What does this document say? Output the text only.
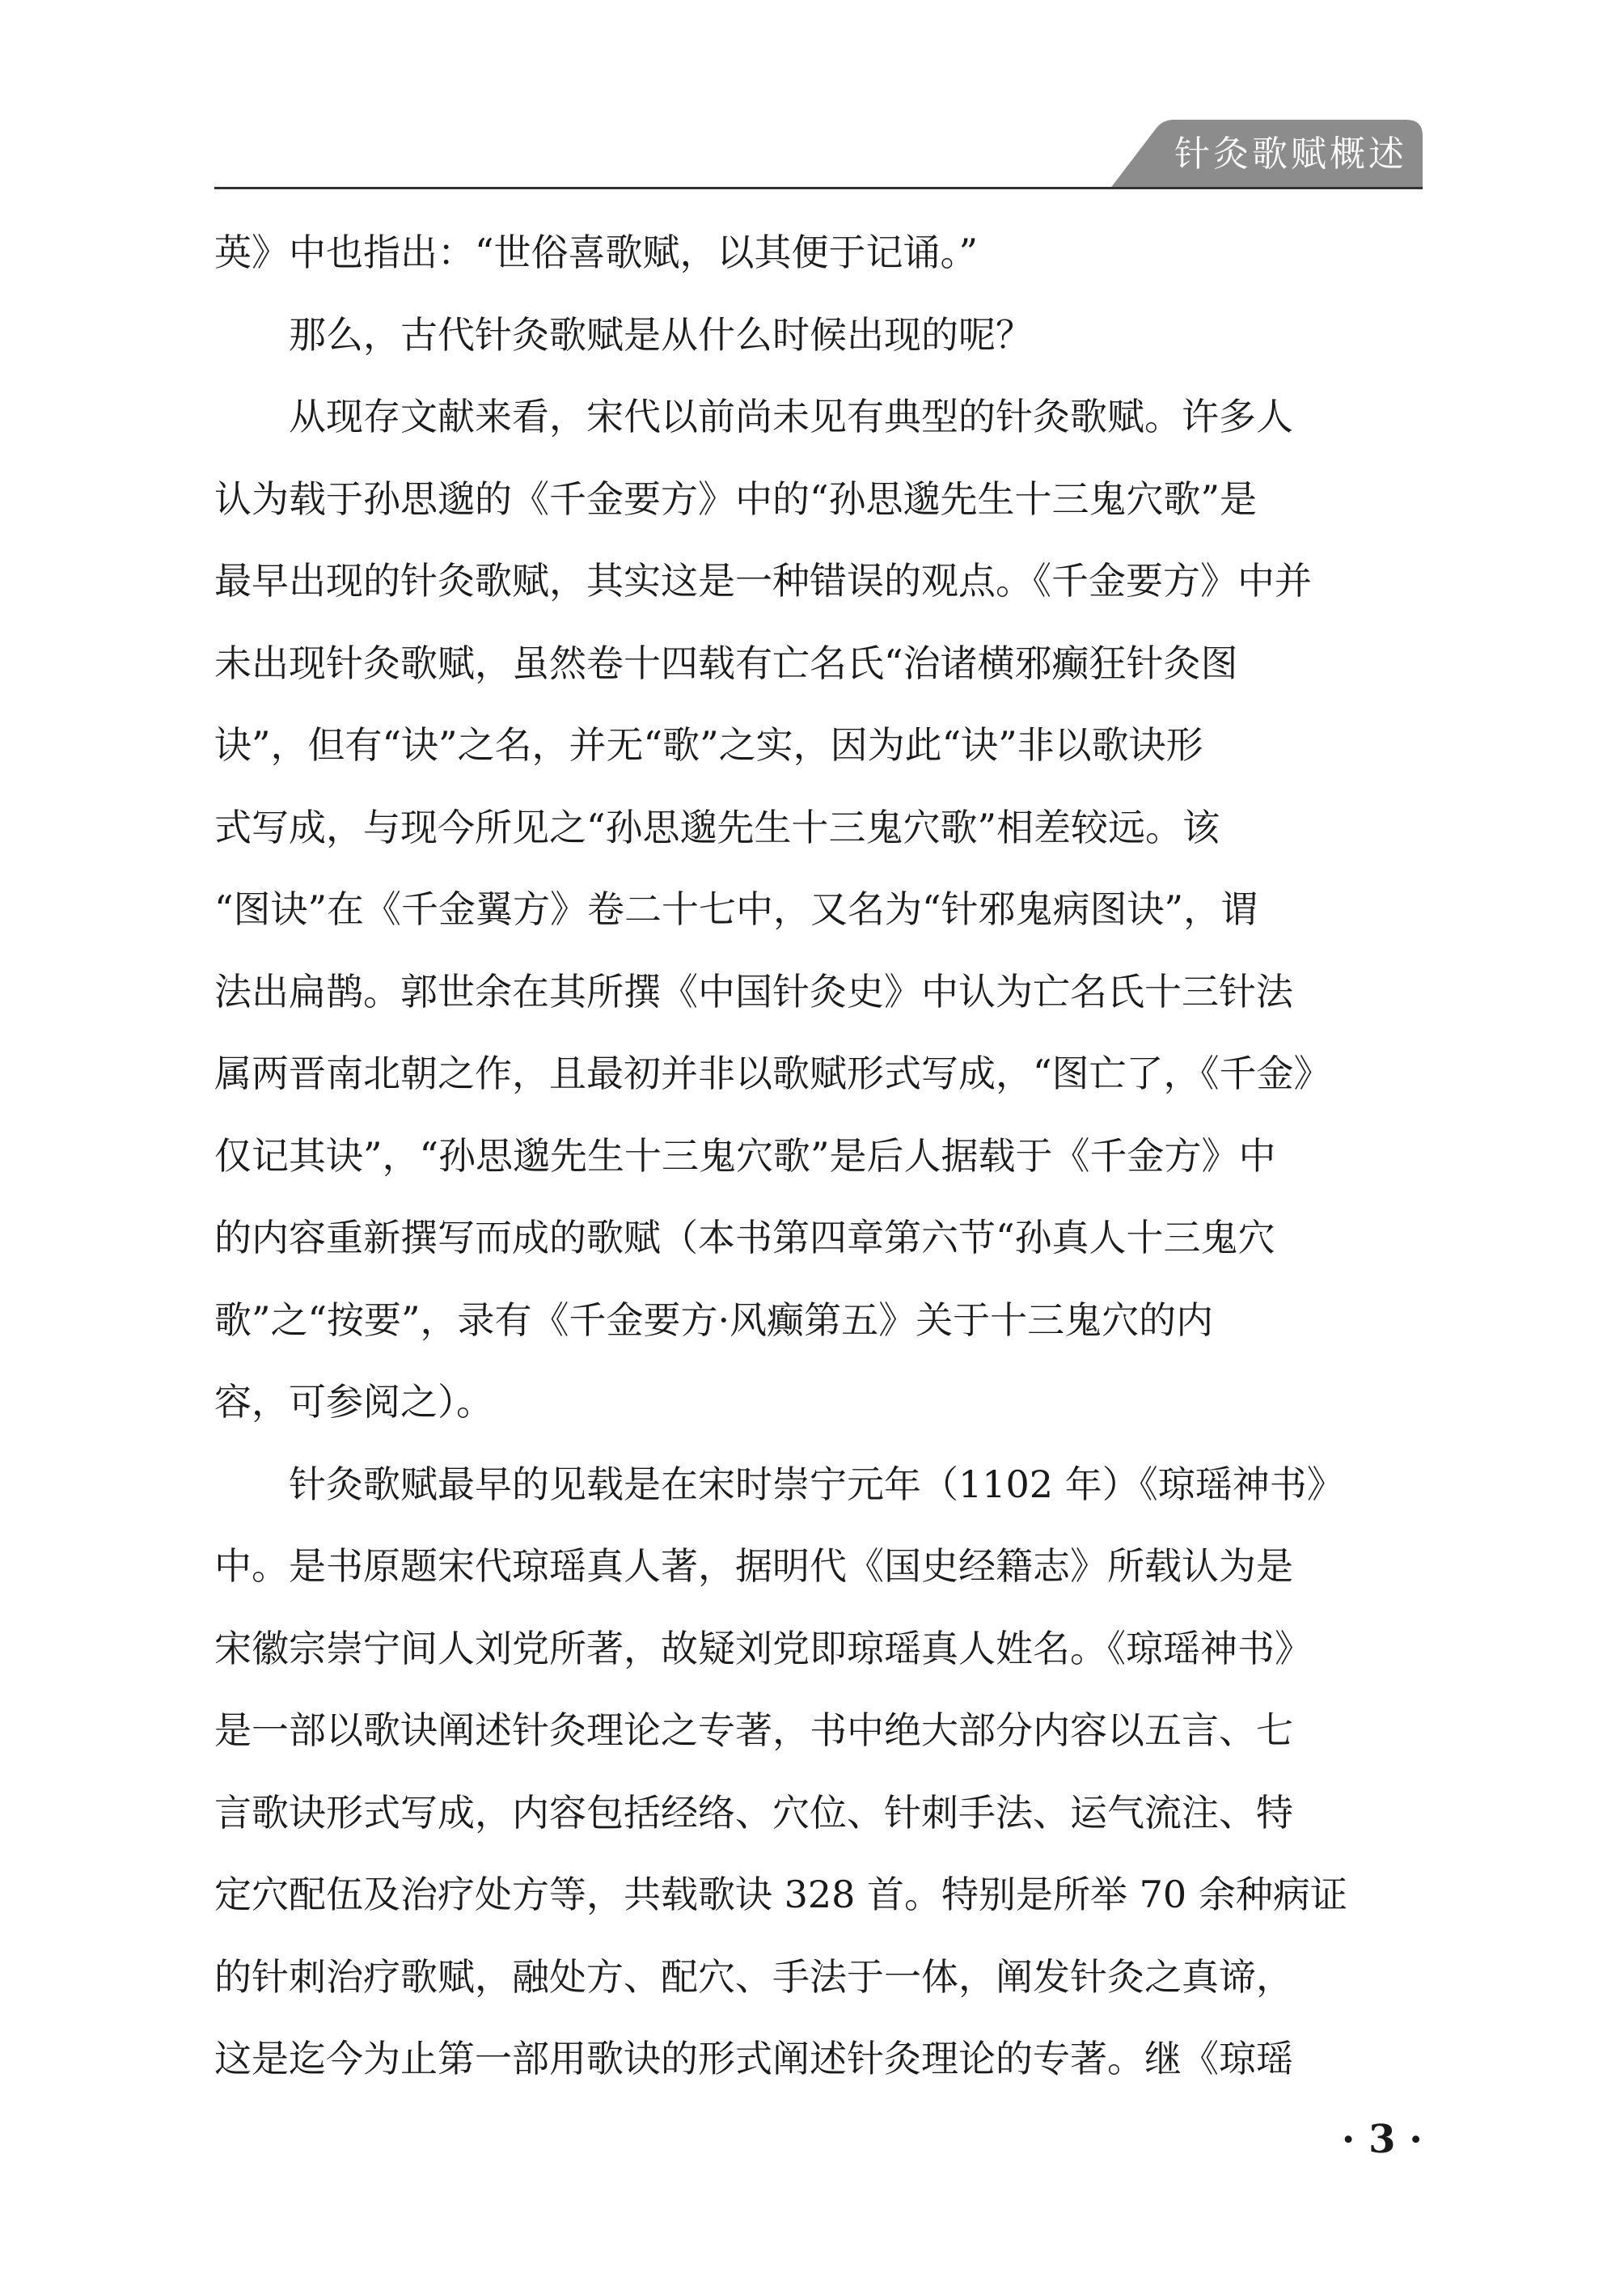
针灸歌赋概述
英》中也指出：“世俗喜歌赋，以其便于记诵。”
　　那么，古代针灸歌赋是从什么时候出现的呢？
　　从现存文献来看，宋代以前尚未见有典型的针灸歌赋。许多人
认为载于孙思邈的《千金要方》中的“孙思邈先生十三鬼穴歌”是
最早出现的针灸歌赋，其实这是一种错误的观点。《千金要方》中并
未出现针灸歌赋，虽然卷十四载有亡名氏“治诸横邪癫狂针灸图
诀”，但有“诀”之名，并无“歌”之实，因为此“诀”非以歌诀形
式写成，与现今所见之“孙思邈先生十三鬼穴歌”相差较远。该
“图诀”在《千金翼方》卷二十七中，又名为“针邪鬼病图诀”，谓
法出扁鹊。郭世余在其所撰《中国针灸史》中认为亡名氏十三针法
属两晋南北朝之作，且最初并非以歌赋形式写成，“图亡了，《千金》
仅记其诀”，“孙思邈先生十三鬼穴歌”是后人据载于《千金方》中
的内容重新撰写而成的歌赋（本书第四章第六节“孙真人十三鬼穴
歌”之“按要”，录有《千金要方·风癫第五》关于十三鬼穴的内
容，可参阅之）。
　　针灸歌赋最早的见载是在宋时崇宁元年（1102 年）《琼瑶神书》
中。是书原题宋代琼瑶真人著，据明代《国史经籍志》所载认为是
宋徽宗崇宁间人刘党所著，故疑刘党即琼瑶真人姓名。《琼瑶神书》
是一部以歌诀阐述针灸理论之专著，书中绝大部分内容以五言、七
言歌诀形式写成，内容包括经络、穴位、针刺手法、运气流注、特
定穴配伍及治疗处方等，共载歌诀 328 首。特别是所举 70 余种病证
的针刺治疗歌赋，融处方、配穴、手法于一体，阐发针灸之真谛，
这是迄今为止第一部用歌诀的形式阐述针灸理论的专著。继《琼瑶
· 3 ·
